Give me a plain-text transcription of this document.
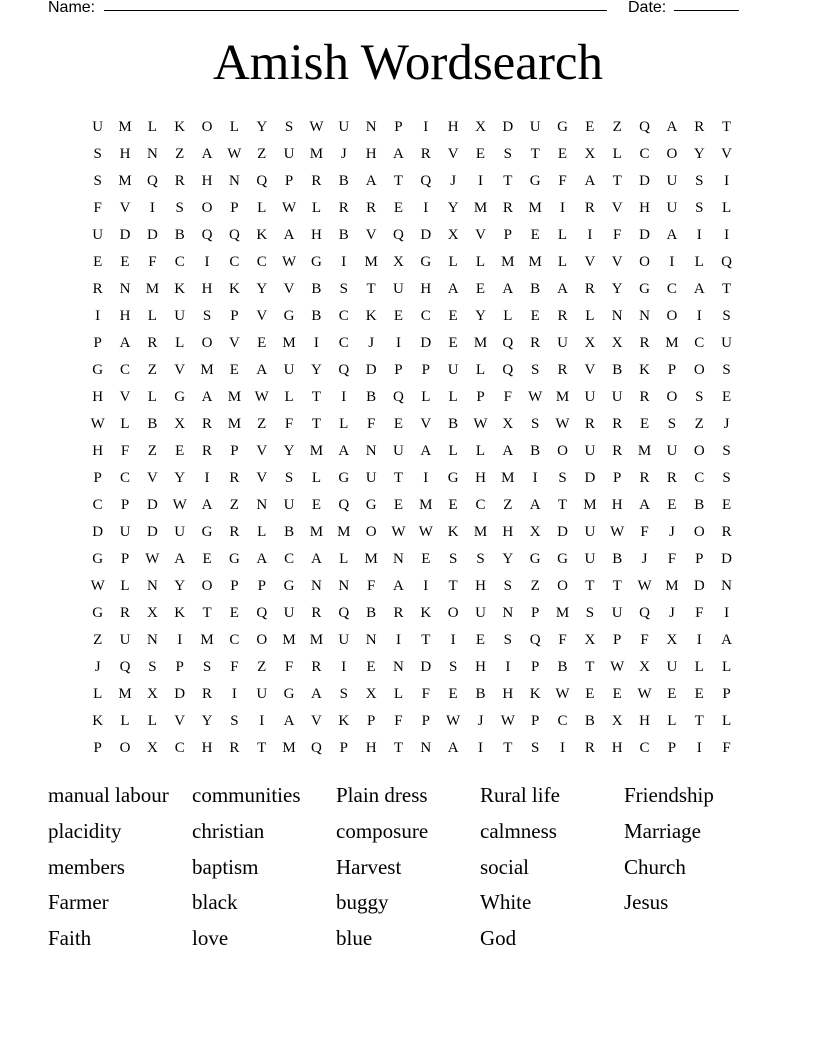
Name:	Date:
Amish Wordsearch
U	M	L	K	O	L	Y	S	W U	N	P	I	H	X	D	U	G	E	Z	Q	A	R	T
S	H	N	Z	A W	Z	U	M	J	H	A	R	V	E	S	T	E	X	L	C	O	Y	V
S	M	Q	R	H	N	Q	P	R	B	A	T	Q	J	I	T	G	F	A	T	D	U	S	I
F	V	I	S	O	P	L	W	L	R	R	E	I	Y	M	R	M	I	R	V	H	U	S	L
U	D	D	B	Q	Q	K	A	H	B	V	Q	D	X	V	P	E	L	I	F	D	A	I	I
E	E	F	C	I	C	C	W G	I	M	X	G	L	L	M M	L	V	V	O	I	L	Q
R	N	M	K	H	K	Y	V	B	S	T	U	H	A	E	A	B	A	R	Y	G	C	A	T
I	H	L	U	S	P	V	G	B	C	K	E	C	E	Y	L	E	R	L	N	N	O	I	S
P	A	R	L	O	V	E	M	I	C	J	I	D	E	M	Q	R	U	X	X	R	M	C	U
G	C	Z	V	M	E	A	U	Y	Q	D	P	P	U	L	Q	S	R	V	B	K	P	O	S
H	V	L	G	A	M W	L	T	I	B	Q	L	L	P	F	W M	U	U	R	O	S	E
W	L	B	X	R	M	Z	F	T	L	F	E	V	B	W X	S	W	R	R	E	S	Z	J
H	F	Z	E	R	P	V	Y	M	A	N	U	A	L	L	A	B	O	U	R	M	U	O	S
P	C	V	Y	I	R	V	S	L	G	U	T	I	G	H	M	I	S	D	P	R	R	C	S
C	P	D W A	Z	N	U	E	Q	G	E	M	E	C	Z	A	T	M	H	A	E	B	E
D	U	D	U	G	R	L	B	M M	O W W K	M	H	X	D	U W	F	J	O	R
G	P	W A	E	G	A	C	A	L	M	N	E	S	S	Y	G	G	U	B	J	F	P	D
W	L	N	Y	O	P	P	G	N	N	F	A	I	T	H	S	Z	O	T	T	W M	D	N
G	R	X	K	T	E	Q	U	R	Q	B	R	K	O	U	N	P	M	S	U	Q	J	F	I
Z	U	N	I	M	C	O	M M	U	N	I	T	I	E	S	Q	F	X	P	F	X	I	A
J	Q	S	P	S	F	Z	F	R	I	E	N	D	S	H	I	P	B	T	W X	U	L	L
L	M	X	D	R	I	U	G	A	S	X	L	F	E	B	H	K W	E	E	W	E	E	P
K	L	L	V	Y	S	I	A	V	K	P	F	P	W	J	W	P	C	B	X	H	L	T	L
P	O	X	C	H	R	T	M	Q	P	H	T	N	A	I	T	S	I	R	H	C	P	I	F
manual labour	communities	Plain dress	Rural life	Friendship
placidity	christian	composure	calmness	Marriage
members	baptism	Harvest	social	Church
Farmer	black	buggy	White	Jesus
Faith	love	blue	God
